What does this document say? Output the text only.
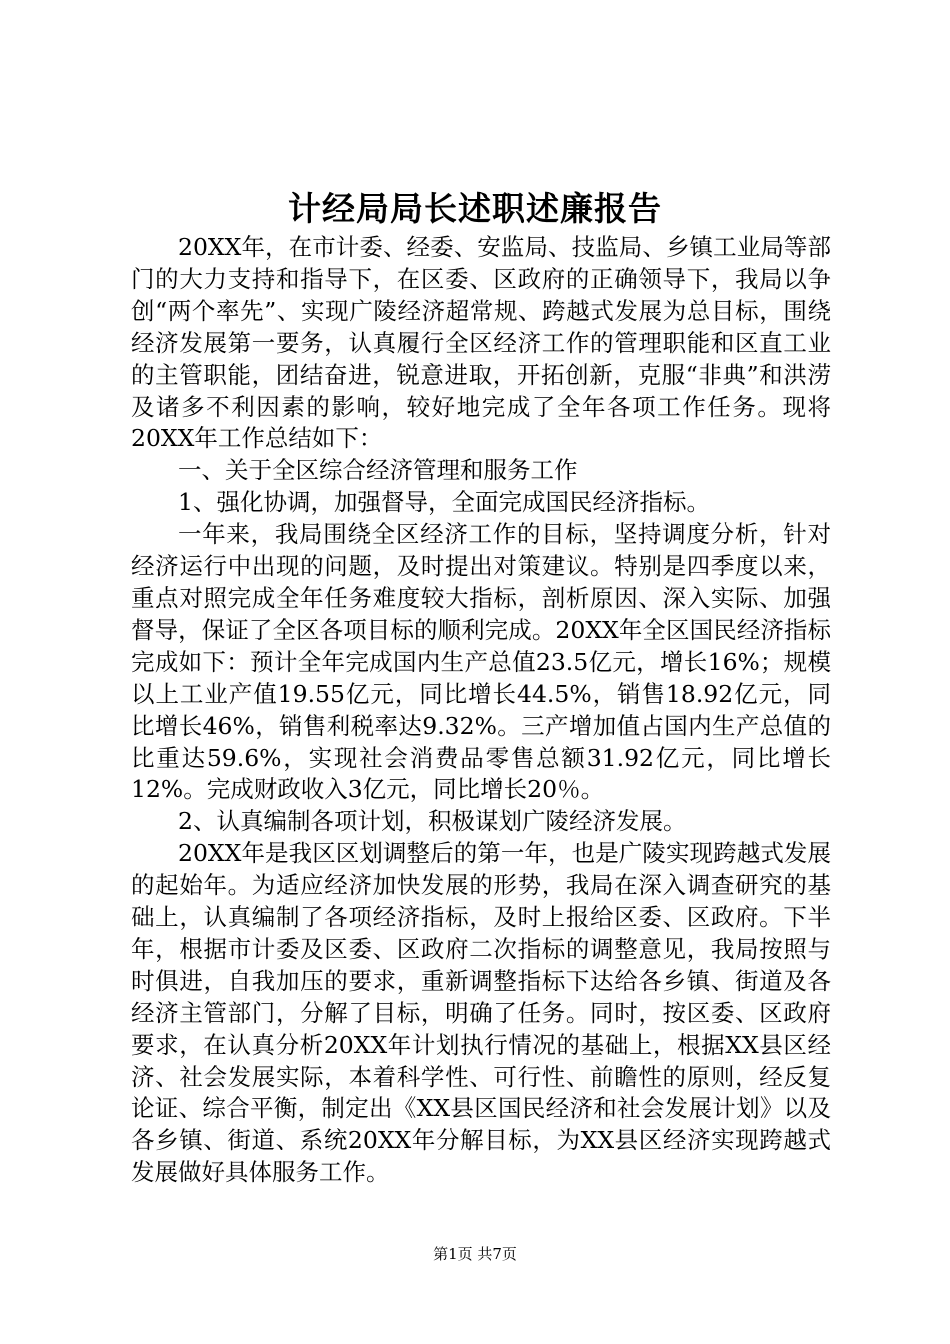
计经局局长述职述廉报告

20XX年，在市计委、经委、安监局、技监局、乡镇工业局等部门的大力支持和指导下，在区委、区政府的正确领导下，我局以争创“两个率先”、实现广陵经济超常规、跨越式发展为总目标，围绕经济发展第一要务，认真履行全区经济工作的管理职能和区直工业的主管职能，团结奋进，锐意进取，开拓创新，克服“非典”和洪涝及诸多不利因素的影响，较好地完成了全年各项工作任务。现将20XX年工作总结如下：

一、关于全区综合经济管理和服务工作

1、强化协调，加强督导，全面完成国民经济指标。

一年来，我局围绕全区经济工作的目标，坚持调度分析，针对经济运行中出现的问题，及时提出对策建议。特别是四季度以来，重点对照完成全年任务难度较大指标，剖析原因、深入实际、加强督导，保证了全区各项目标的顺利完成。20XX年全区国民经济指标完成如下：预计全年完成国内生产总值23.5亿元，增长16%；规模以上工业产值19.55亿元，同比增长44.5%，销售18.92亿元，同比增长46%，销售利税率达9.32%。三产增加值占国内生产总值的比重达59.6%，实现社会消费品零售总额31.92亿元，同比增长12%。完成财政收入3亿元，同比增长20％。

2、认真编制各项计划，积极谋划广陵经济发展。

20XX年是我区区划调整后的第一年，也是广陵实现跨越式发展的起始年。为适应经济加快发展的形势，我局在深入调查研究的基础上，认真编制了各项经济指标，及时上报给区委、区政府。下半年，根据市计委及区委、区政府二次指标的调整意见，我局按照与时俱进，自我加压的要求，重新调整指标下达给各乡镇、街道及各经济主管部门，分解了目标，明确了任务。同时，按区委、区政府要求，在认真分析20XX年计划执行情况的基础上，根据XX县区经济、社会发展实际，本着科学性、可行性、前瞻性的原则，经反复论证、综合平衡，制定出《XX县区国民经济和社会发展计划》以及各乡镇、街道、系统20XX年分解目标，为XX县区经济实现跨越式发展做好具体服务工作。

第1页 共7页
